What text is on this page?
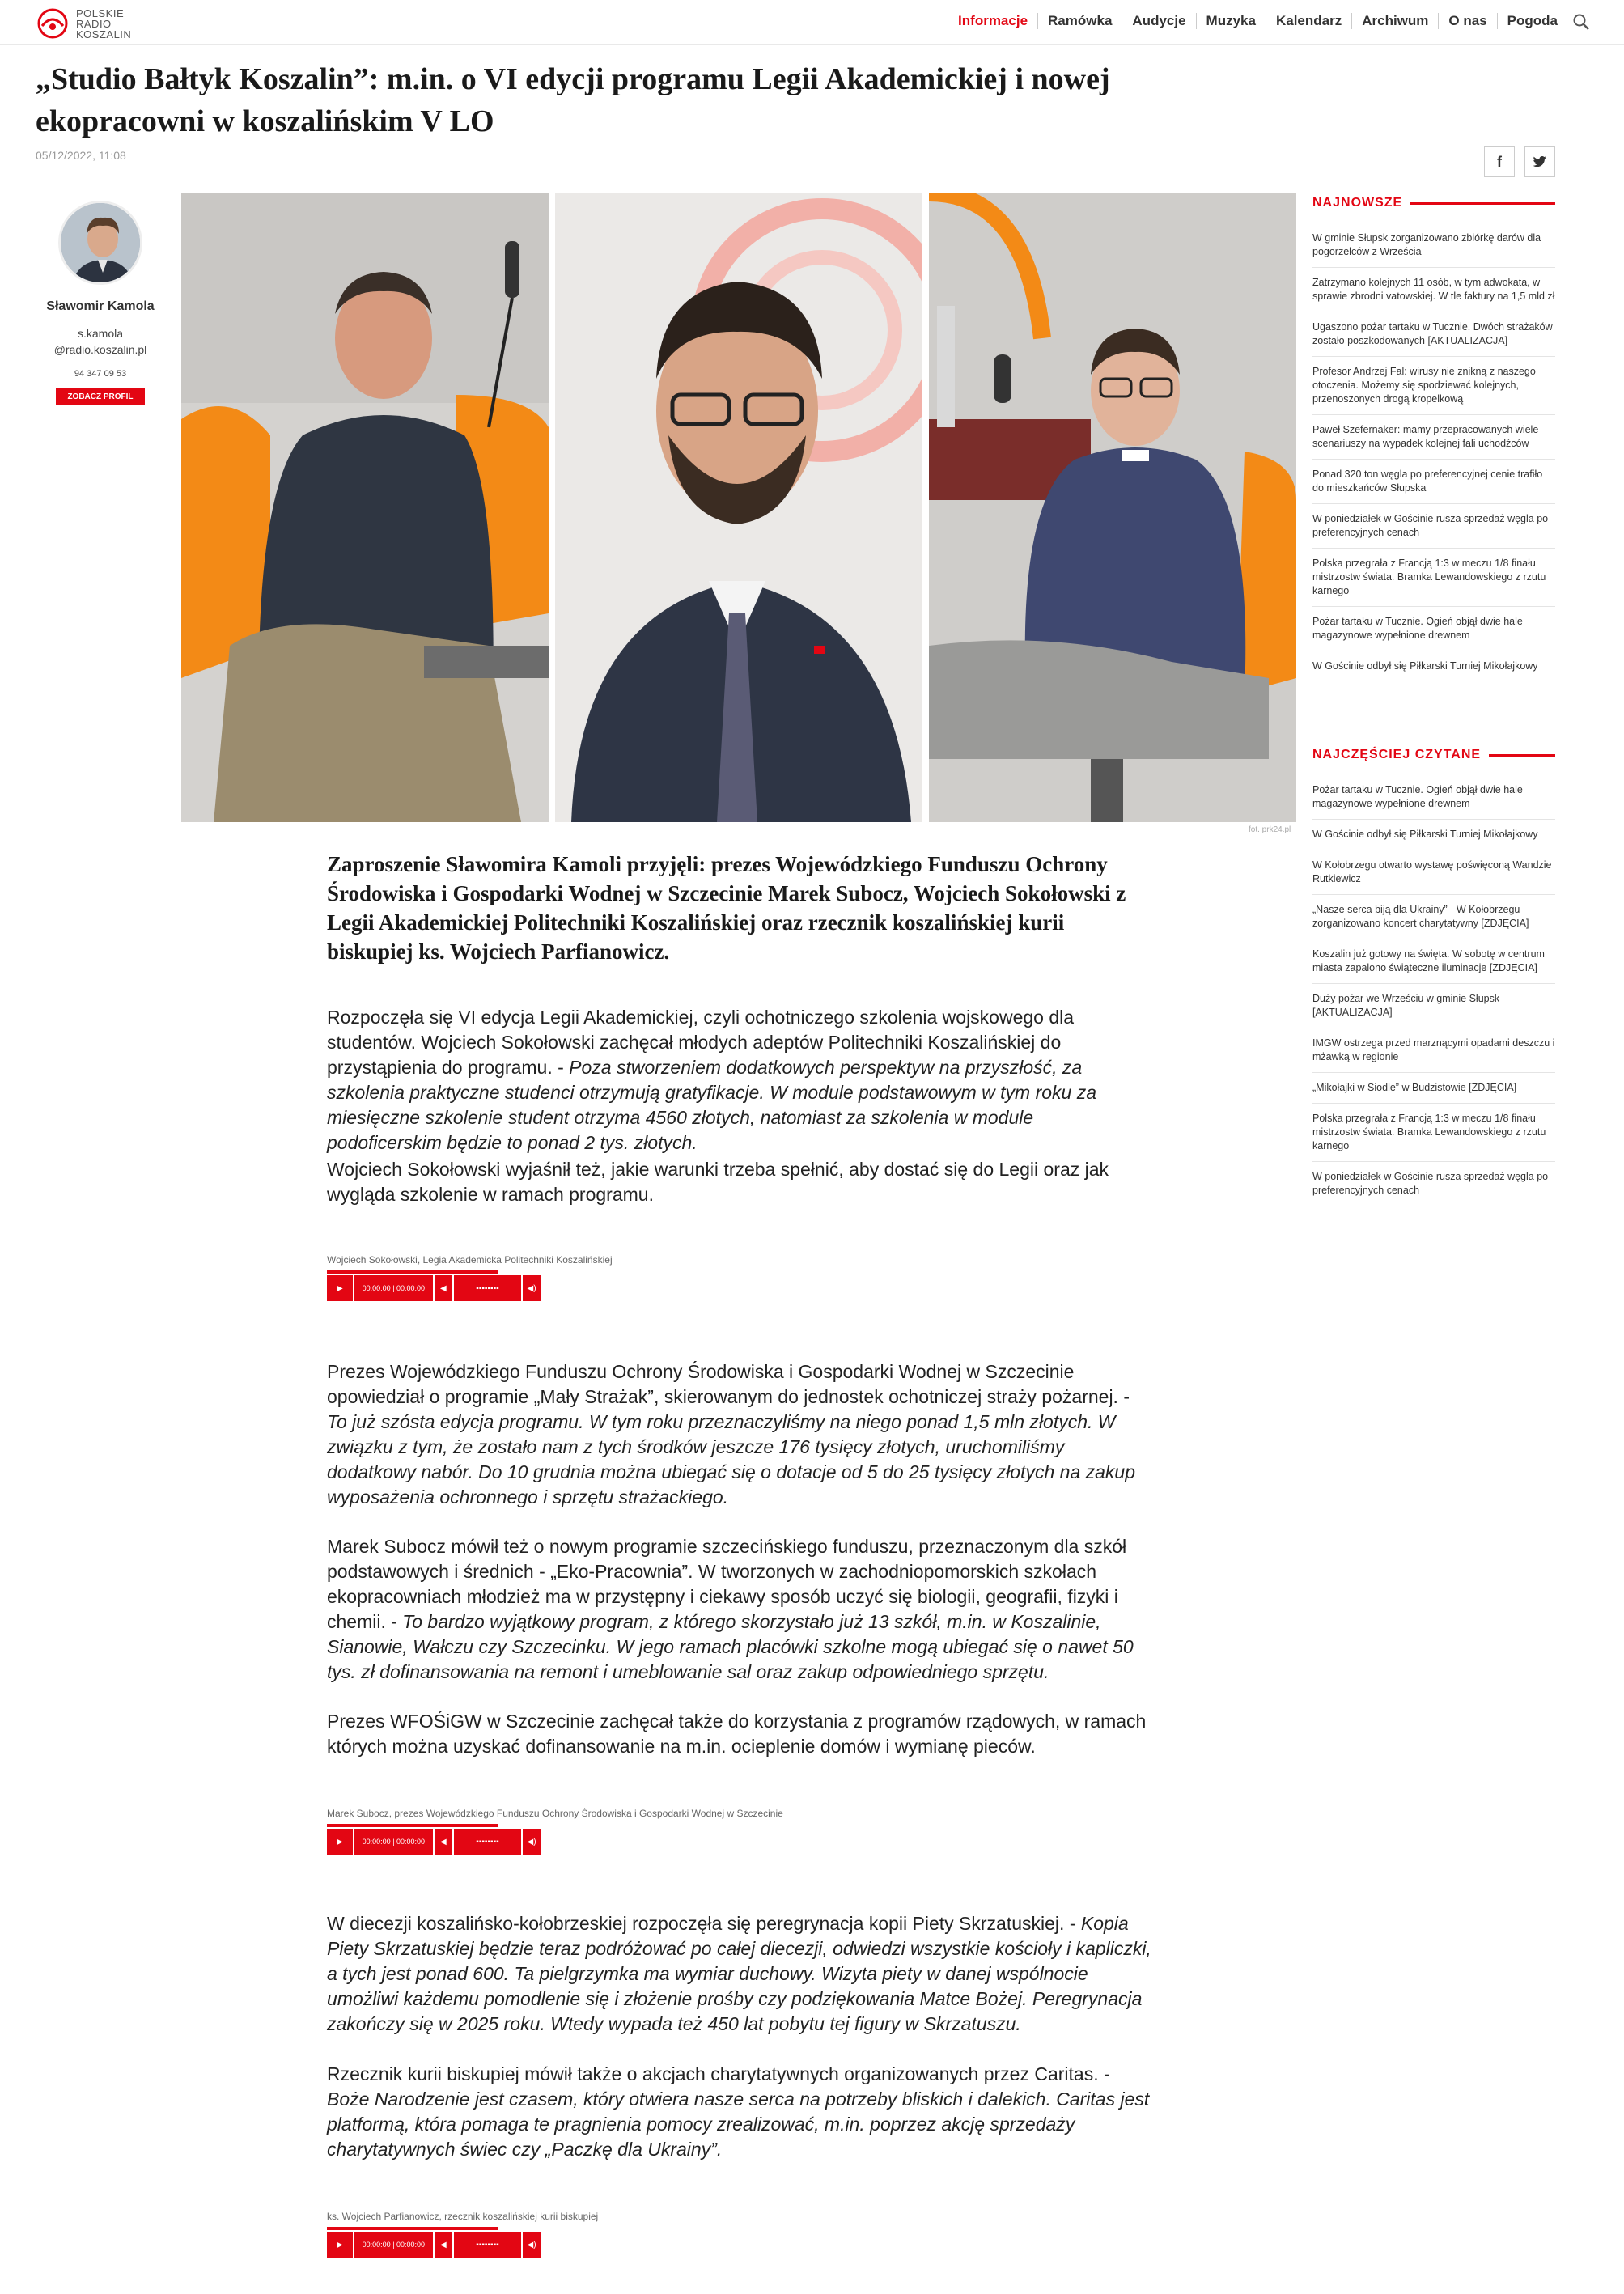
POLSKIE
RADIO
KOSZALIN
Informacje	Ramówka	Audycje	Muzyka	Kalendarz	Archiwum	O nas	Pogoda
„Studio Bałtyk Koszalin”: m.in. o VI edycji programu Legii Akademickiej i nowej ekopracowni w koszalińskim V LO
05/12/2022, 11:08	f
Sławomir Kamola
s.kamola
@radio.koszalin.pl
94 347 09 53
ZOBACZ PROFIL
fot. prk24.pl

Zaproszenie Sławomira Kamoli przyjęli: prezes Wojewódzkiego Funduszu Ochrony Środowiska i Gospodarki Wodnej w Szczecinie Marek Subocz, Wojciech Sokołowski z Legii Akademickiej Politechniki Koszalińskiej oraz rzecznik koszalińskiej kurii biskupiej ks. Wojciech Parfianowicz.

Rozpoczęła się VI edycja Legii Akademickiej, czyli ochotniczego szkolenia wojskowego dla studentów. Wojciech Sokołowski zachęcał młodych adeptów Politechniki Koszalińskiej do przystąpienia do programu. - Poza stworzeniem dodatkowych perspektyw na przyszłość, za szkolenia praktyczne studenci otrzymują gratyfikacje. W module podstawowym w tym roku za miesięczne szkolenie student otrzyma 4560 złotych, natomiast za szkolenia w module podoficerskim będzie to ponad 2 tys. złotych.

Wojciech Sokołowski wyjaśnił też, jakie warunki trzeba spełnić, aby dostać się do Legii oraz jak wygląda szkolenie w ramach programu.

Wojciech Sokołowski, Legia Akademicka Politechniki Koszalińskiej
▶	00:00:00 | 00:00:00	◀	▪▪▪▪▪▪▪▪	◀)

Prezes Wojewódzkiego Funduszu Ochrony Środowiska i Gospodarki Wodnej w Szczecinie opowiedział o programie „Mały Strażak”, skierowanym do jednostek ochotniczej straży pożarnej. - To już szósta edycja programu. W tym roku przeznaczyliśmy na niego ponad 1,5 mln złotych. W związku z tym, że zostało nam z tych środków jeszcze 176 tysięcy złotych, uruchomiliśmy dodatkowy nabór. Do 10 grudnia można ubiegać się o dotacje od 5 do 25 tysięcy złotych na zakup wyposażenia ochronnego i sprzętu strażackiego.

Marek Subocz mówił też o nowym programie szczecińskiego funduszu, przeznaczonym dla szkół podstawowych i średnich - „Eko-Pracownia”. W tworzonych w zachodniopomorskich szkołach ekopracowniach młodzież ma w przystępny i ciekawy sposób uczyć się biologii, geografii, fizyki i chemii. - To bardzo wyjątkowy program, z którego skorzystało już 13 szkół, m.in. w Koszalinie, Sianowie, Wałczu czy Szczecinku. W jego ramach placówki szkolne mogą ubiegać się o nawet 50 tys. zł dofinansowania na remont i umeblowanie sal oraz zakup odpowiedniego sprzętu.

Prezes WFOŚiGW w Szczecinie zachęcał także do korzystania z programów rządowych, w ramach których można uzyskać dofinansowanie na m.in. ocieplenie domów i wymianę pieców.

Marek Subocz, prezes Wojewódzkiego Funduszu Ochrony Środowiska i Gospodarki Wodnej w Szczecinie
▶	00:00:00 | 00:00:00	◀	▪▪▪▪▪▪▪▪	◀)

W diecezji koszalińsko-kołobrzeskiej rozpoczęła się peregrynacja kopii Piety Skrzatuskiej. - Kopia Piety Skrzatuskiej będzie teraz podróżować po całej diecezji, odwiedzi wszystkie kościoły i kapliczki, a tych jest ponad 600. Ta pielgrzymka ma wymiar duchowy. Wizyta piety w danej wspólnocie umożliwi każdemu pomodlenie się i złożenie prośby czy podziękowania Matce Bożej. Peregrynacja zakończy się w 2025 roku. Wtedy wypada też 450 lat pobytu tej figury w Skrzatuszu.

Rzecznik kurii biskupiej mówił także o akcjach charytatywnych organizowanych przez Caritas. - Boże Narodzenie jest czasem, który otwiera nasze serca na potrzeby bliskich i dalekich. Caritas jest platformą, która pomaga te pragnienia pomocy zrealizować, m.in. poprzez akcję sprzedaży charytatywnych świec czy „Paczkę dla Ukrainy”.

ks. Wojciech Parfianowicz, rzecznik koszalińskiej kurii biskupiej
▶	00:00:00 | 00:00:00	◀	▪▪▪▪▪▪▪▪	◀)
NAJNOWSZE
W gminie Słupsk zorganizowano zbiórkę darów dla pogorzelców z Wrześcia
Zatrzymano kolejnych 11 osób, w tym adwokata, w sprawie zbrodni vatowskiej. W tle faktury na 1,5 mld zł
Ugaszono pożar tartaku w Tucznie. Dwóch strażaków zostało poszkodowanych [AKTUALIZACJA]
Profesor Andrzej Fal: wirusy nie znikną z naszego otoczenia. Możemy się spodziewać kolejnych, przenoszonych drogą kropelkową
Paweł Szefernaker: mamy przepracowanych wiele scenariuszy na wypadek kolejnej fali uchodźców
Ponad 320 ton węgla po preferencyjnej cenie trafiło do mieszkańców Słupska
W poniedziałek w Gościnie rusza sprzedaż węgla po preferencyjnych cenach
Polska przegrała z Francją 1:3 w meczu 1/8 finału mistrzostw świata. Bramka Lewandowskiego z rzutu karnego
Pożar tartaku w Tucznie. Ogień objął dwie hale magazynowe wypełnione drewnem
W Gościnie odbył się Piłkarski Turniej Mikołajkowy
NAJCZĘŚCIEJ CZYTANE
Pożar tartaku w Tucznie. Ogień objął dwie hale magazynowe wypełnione drewnem
W Gościnie odbył się Piłkarski Turniej Mikołajkowy
W Kołobrzegu otwarto wystawę poświęconą Wandzie Rutkiewicz
„Nasze serca biją dla Ukrainy” - W Kołobrzegu zorganizowano koncert charytatywny [ZDJĘCIA]
Koszalin już gotowy na święta. W sobotę w centrum miasta zapalono świąteczne iluminacje [ZDJĘCIA]
Duży pożar we Wrześciu w gminie Słupsk [AKTUALIZACJA]
IMGW ostrzega przed marznącymi opadami deszczu i mżawką w regionie
„Mikołajki w Siodle” w Budzistowie [ZDJĘCIA]
Polska przegrała z Francją 1:3 w meczu 1/8 finału mistrzostw świata. Bramka Lewandowskiego z rzutu karnego
W poniedziałek w Gościnie rusza sprzedaż węgla po preferencyjnych cenach
